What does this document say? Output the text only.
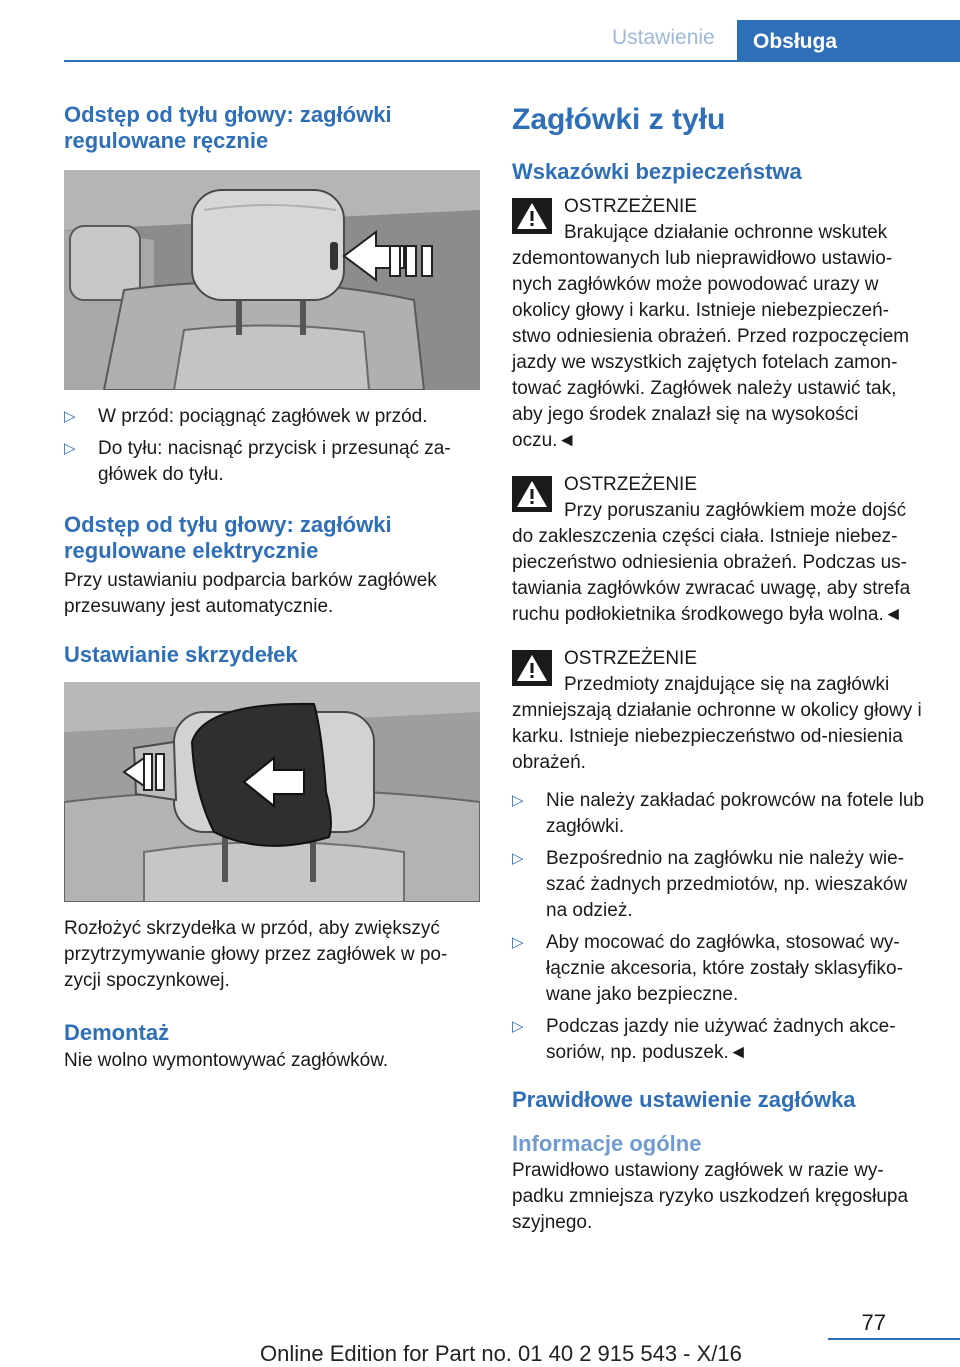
Ustawienie	Obsługa
Odstęp od tyłu głowy: zagłówki regulowane ręcznie
▷ W przód: pociągnąć zagłówek w przód.
▷ Do tyłu: nacisnąć przycisk i przesunąć za‐główek do tyłu.
Odstęp od tyłu głowy: zagłówki regulowane elektrycznie

Przy ustawianiu podparcia barków zagłówek przesuwany jest automatycznie.

Ustawianie skrzydełek

Rozłożyć skrzydełka w przód, aby zwiększyć przytrzymywanie głowy przez zagłówek w po‐zycji spoczynkowej.

Demontaż

Nie wolno wymontowywać zagłówków.

Zagłówki z tyłu
Wskazówki bezpieczeństwa
OSTRZEŻENIE
Brakujące działanie ochronne wskutek
zdemontowanych lub nieprawidłowo ustawio‐nych zagłówków może powodować urazy w okolicy głowy i karku. Istnieje niebezpieczeń‐stwo odniesienia obrażeń. Przed rozpoczęciem jazdy we wszystkich zajętych fotelach zamon‐tować zagłówki. Zagłówek należy ustawić tak, aby jego środek znalazł się na wysokości oczu.◄
OSTRZEŻENIE
Przy poruszaniu zagłówkiem może dojść
do zakleszczenia części ciała. Istnieje niebez‐pieczeństwo odniesienia obrażeń. Podczas us‐tawiania zagłówków zwracać uwagę, aby strefa ruchu podłokietnika środkowego była wolna.◄
OSTRZEŻENIE
Przedmioty znajdujące się na zagłówki
zmniejszają działanie ochronne w okolicy głowy i karku. Istnieje niebezpieczeństwo od‐niesienia obrażeń.
▷ Nie należy zakładać pokrowców na fotele lub zagłówki.
▷ Bezpośrednio na zagłówku nie należy wie‐szać żadnych przedmiotów, np. wieszaków na odzież.
▷ Aby mocować do zagłówka, stosować wy‐łącznie akcesoria, które zostały sklasyfiko‐wane jako bezpieczne.
▷ Podczas jazdy nie używać żadnych akce‐soriów, np. poduszek.◄
Prawidłowe ustawienie zagłówka
Informacje ogólne

Prawidłowo ustawiony zagłówek w razie wy‐padku zmniejsza ryzyko uszkodzeń kręgosłupa szyjnego.

77
Online Edition for Part no. 01 40 2 915 543 - X/16
